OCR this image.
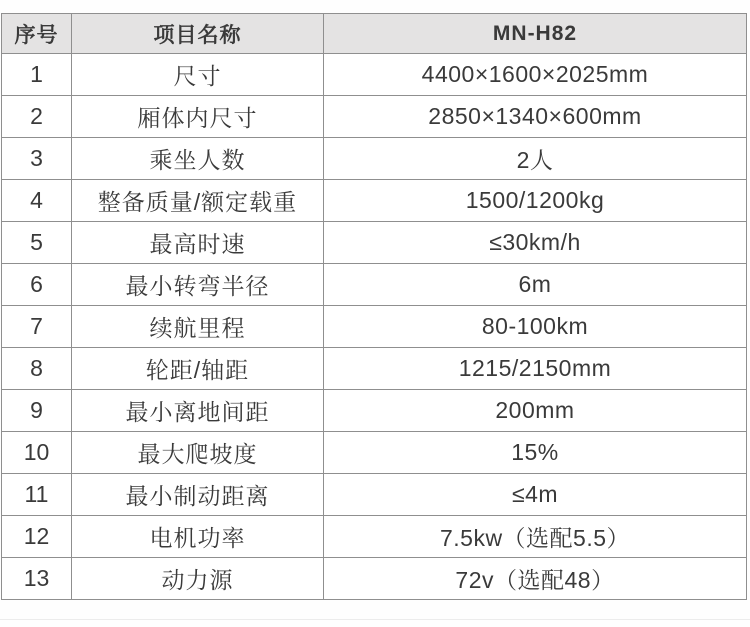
序号	项目名称	MN-H82
1	尺寸	4400×1600×2025mm
2	厢体内尺寸	2850×1340×600mm
3	乘坐人数	2人
4	整备质量/额定载重	1500/1200kg
5	最高时速	≤30km/h
6	最小转弯半径	6m
7	续航里程	80-100km
8	轮距/轴距	1215/2150mm
9	最小离地间距	200mm
10	最大爬坡度	15%
11	最小制动距离	≤4m
12	电机功率	7.5kw（选配5.5）
13	动力源	72v（选配48）
